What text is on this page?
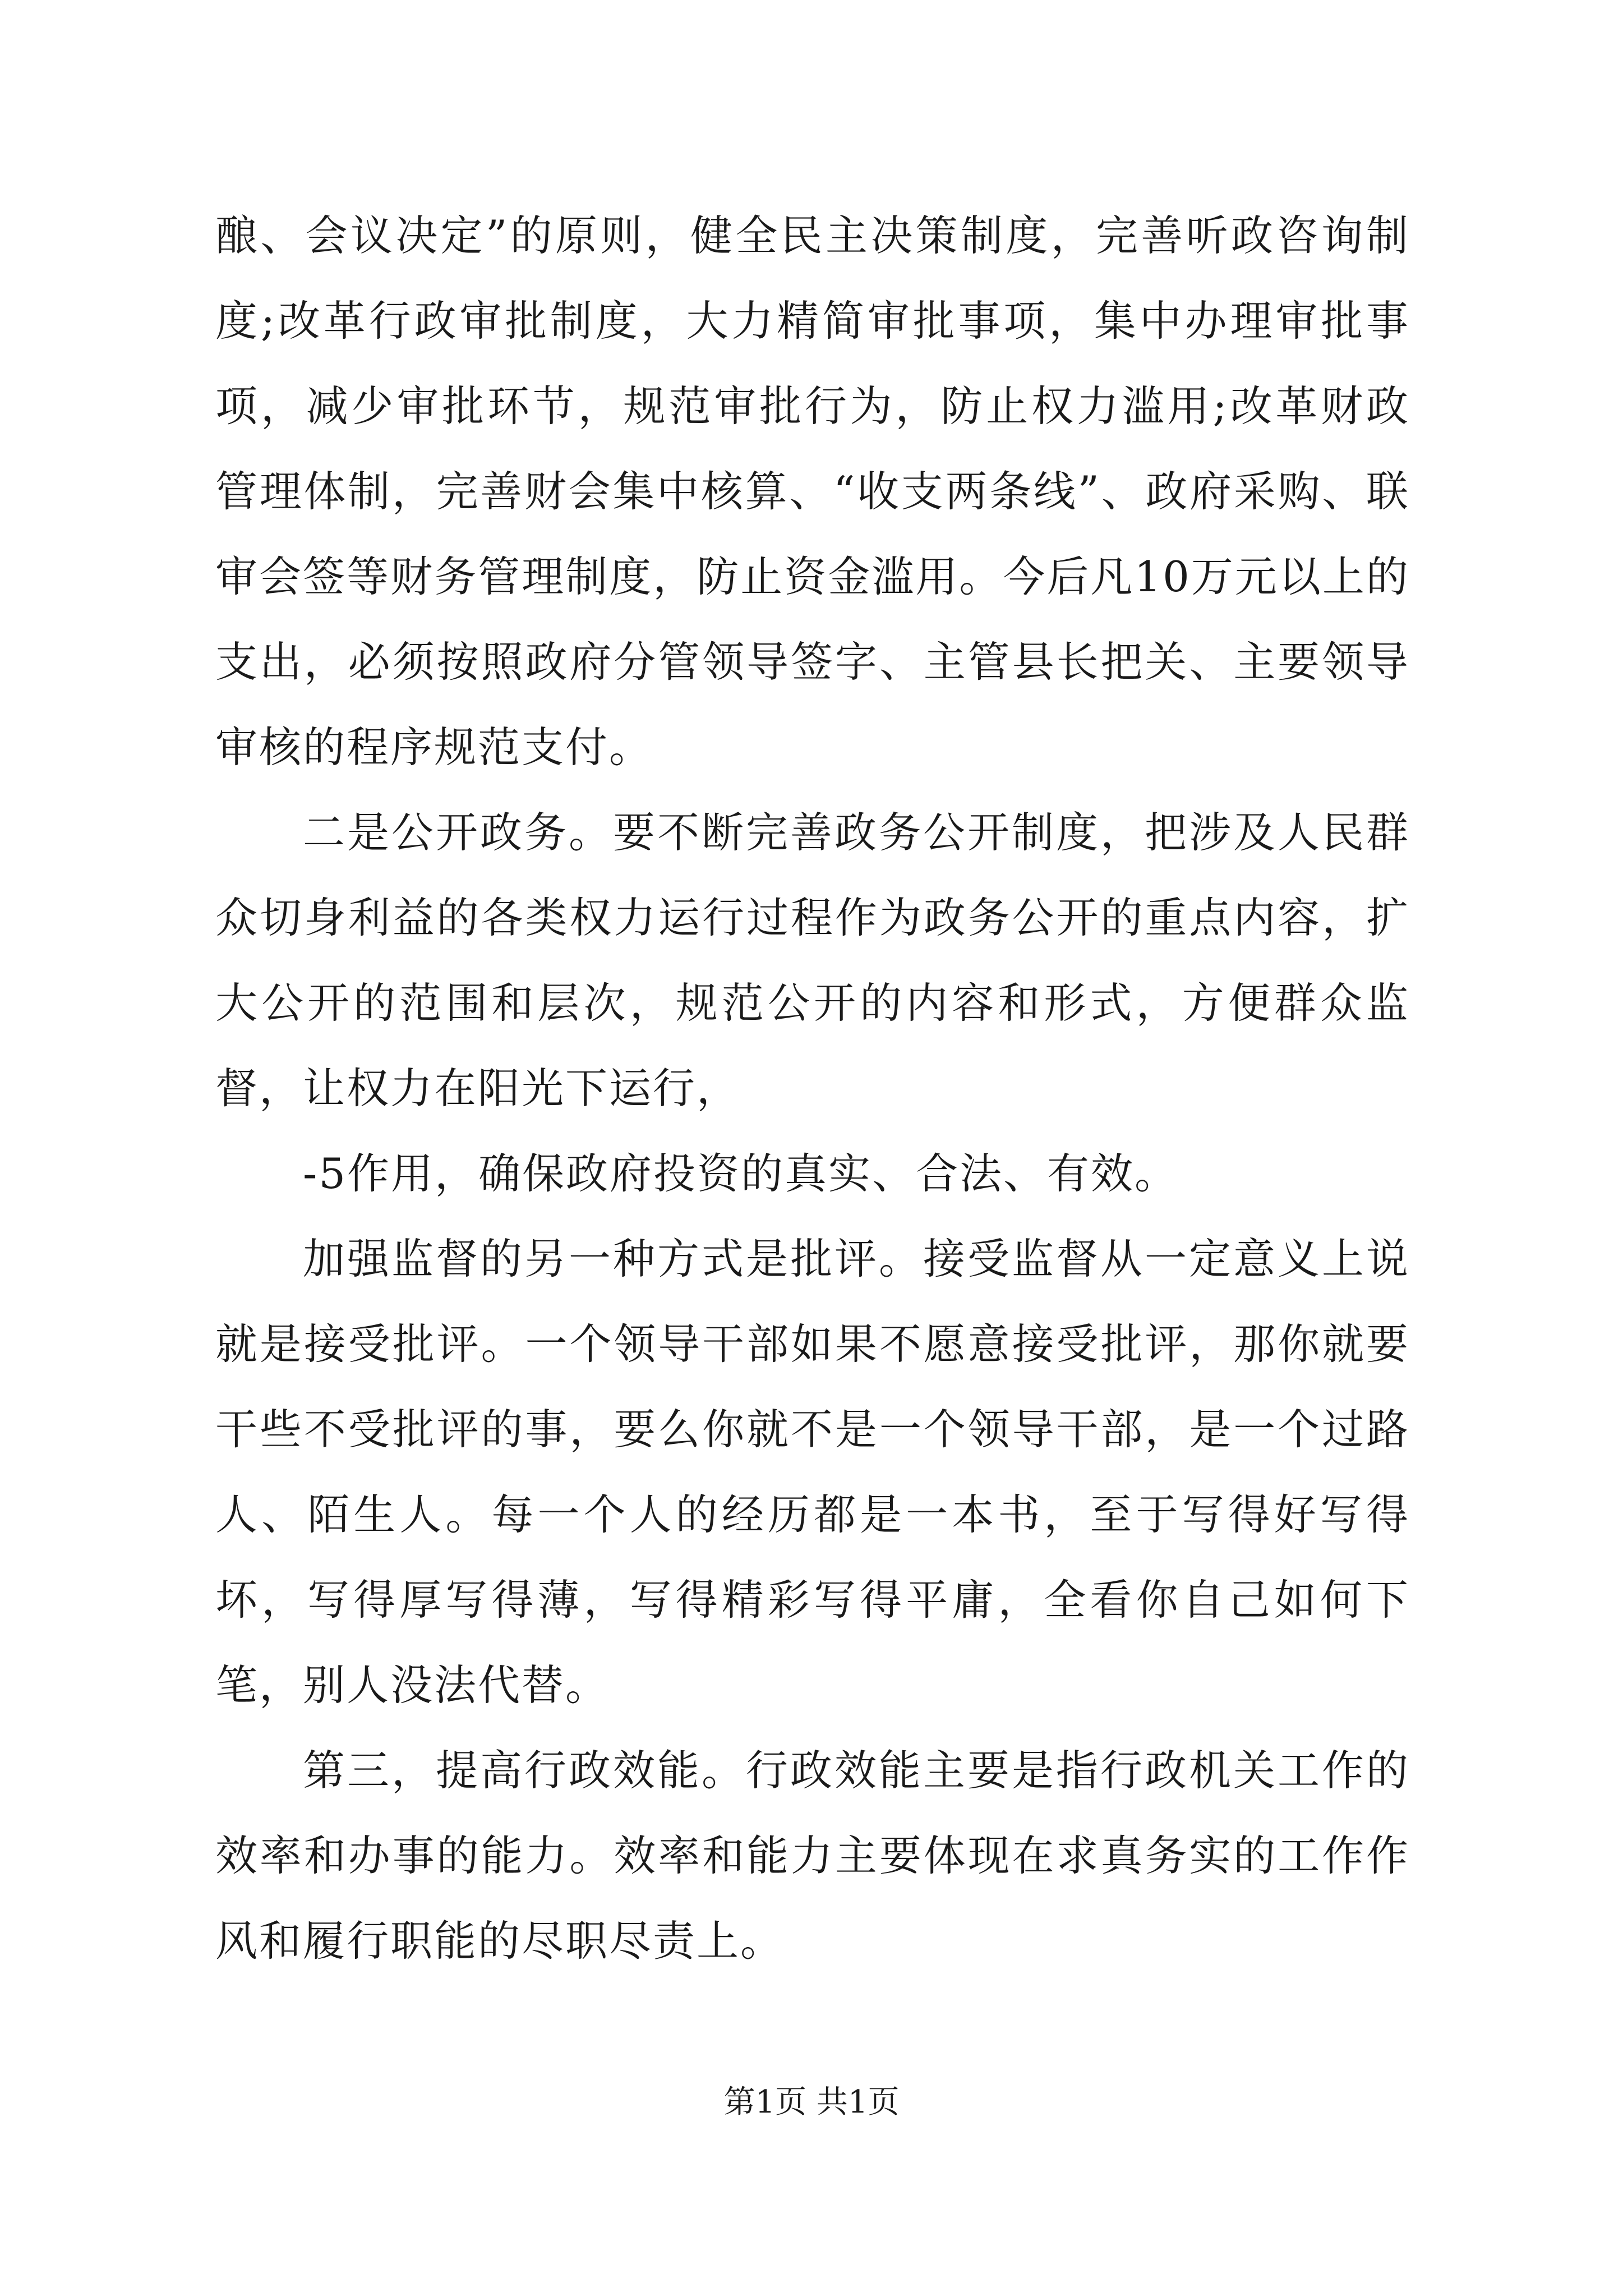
酿、会议决定”的原则，健全民主决策制度，完善听政咨询制度;改革行政审批制度，大力精简审批事项，集中办理审批事项，减少审批环节，规范审批行为，防止权力滥用;改革财政管理体制，完善财会集中核算、“收支两条线”、政府采购、联审会签等财务管理制度，防止资金滥用。今后凡10万元以上的支出，必须按照政府分管领导签字、主管县长把关、主要领导审核的程序规范支付。

二是公开政务。要不断完善政务公开制度，把涉及人民群众切身利益的各类权力运行过程作为政务公开的重点内容，扩大公开的范围和层次，规范公开的内容和形式，方便群众监督，让权力在阳光下运行，

-5作用，确保政府投资的真实、合法、有效。

加强监督的另一种方式是批评。接受监督从一定意义上说就是接受批评。一个领导干部如果不愿意接受批评，那你就要干些不受批评的事，要么你就不是一个领导干部，是一个过路人、陌生人。每一个人的经历都是一本书，至于写得好写得坏，写得厚写得薄，写得精彩写得平庸，全看你自己如何下笔，别人没法代替。

第三，提高行政效能。行政效能主要是指行政机关工作的效率和办事的能力。效率和能力主要体现在求真务实的工作作风和履行职能的尽职尽责上。

第1页 共1页
